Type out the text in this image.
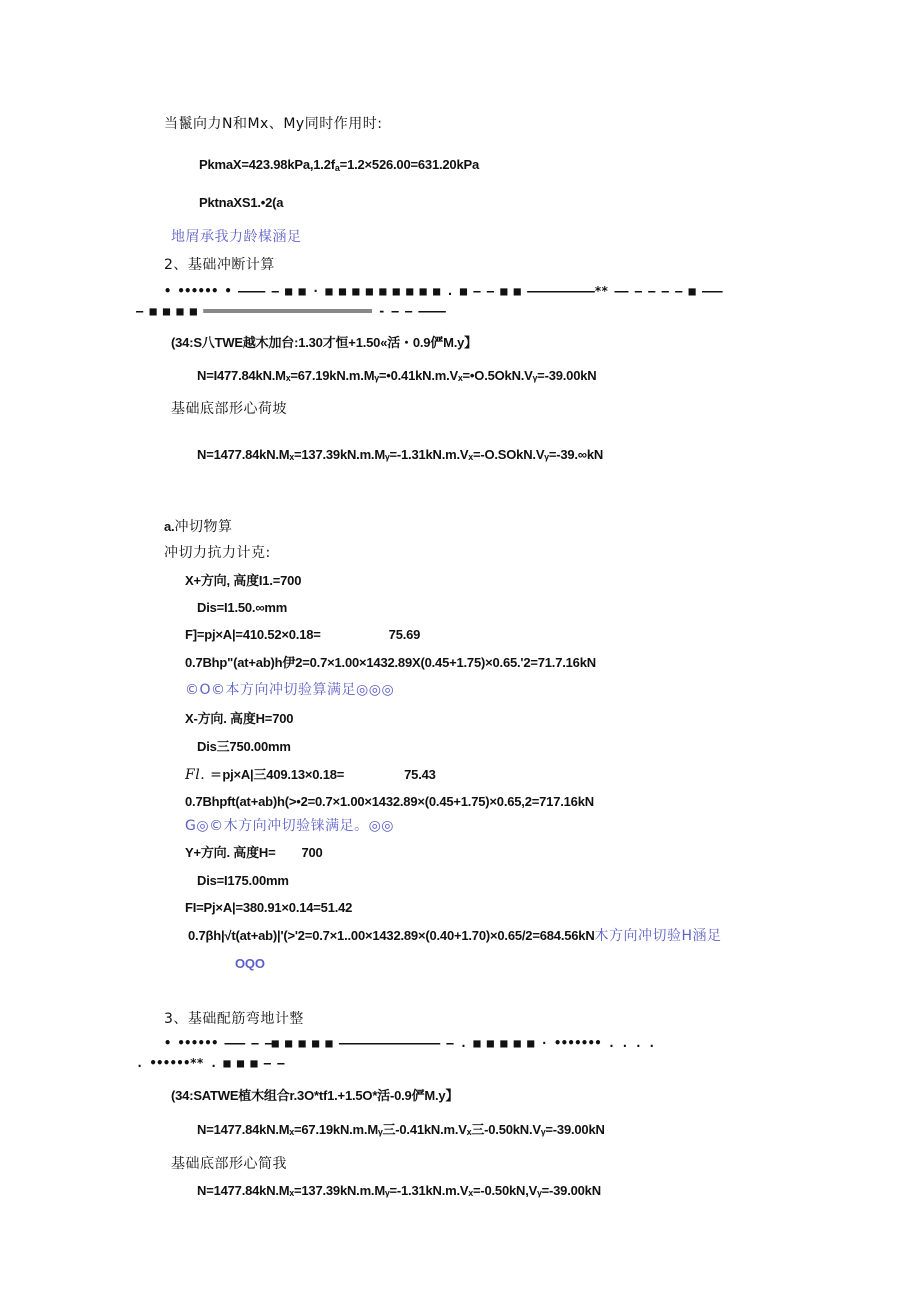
当鬣向力N和Mx、My同时作用时:
$PkmaX=423.98kPa,1.2f_a=1.2\times 526.00=631.20kPa$
PktnaXS1.•2(a
地屑承我力龄楳涵足
2、基础冲断计算
• •••••• • ———— — ■ ■ · ■ ■ ■ ■ ■ ■ ■ ■ ■ . ■ — — ■ ■ ——————————** —— — — — — ■ ———
— ■ ■ ■ ■ ═════════════════════════ - — — ————
(34:S八TWE越木加台:1.30才恒+1.50«活・0.9俨M.y】
N=I477.84kN.Mₓ=67.19kN.m.Mᵧ=•0.41kN.m.Vₓ=•O.5OkN.Vᵧ=-39.00kN
基础底部形心荷坡
N=1477.84kN.Mₓ=137.39kN.m.Mᵧ=-1.31kN.m.Vₓ=-O.SOkN.Vᵧ=-39.∞kN
a.冲切物算
冲切力抗力计克:
X+方向, 高度I1.=700
Dis=I1.50.∞mm
F]=pj×A|=410.52×0.18=	75.69
0.7Bhp"(at+ab)h伊2=0.7×1.00×1432.89X(0.45+1.75)×0.65.'2=71.7.16kN
©O©本方向冲切验算满足◎◎◎
X-方向. 高度H=700
Dis三750.00mm
Fl. =pj×A|三409.13×0.18=	75.43
0.7Bhpft(at+ab)h(>•2=0.7×1.00×1432.89×(0.45+1.75)×0.65,2=717.16kN
G◎©木方向冲切验铼满足。◎◎
Y+方向. 高度H= 700
Dis=I175.00mm
FI=Pj×A|=380.91×0.14=51.42
0.7βh|√t(at+ab)|'(>'2=0.7×1..00×1432.89×(0.40+1.70)×0.65/2=684.56kN木方向冲切验H涵足
OQO
3、基础配筋弯地计整
• •••••• ——— — —■ ■ ■ ■ ■ ——————————————— — . ■ ■ ■ ■ ■ · ••••••• . . . .
. ••••••** . ■ ■ ■ — —
(34:SATWE植木组合r.3O*tf1.+1.5O*活-0.9俨M.y】
N=1477.84kN.Mₓ=67.19kN.m.Mᵧ三-0.41kN.m.Vₓ三-0.50kN.Vᵧ=-39.00kN
基础底部形心简我
N=1477.84kN.Mₓ=137.39kN.m.Mᵧ=-1.31kN.m.Vₓ=-0.50kN,Vᵧ=-39.00kN
